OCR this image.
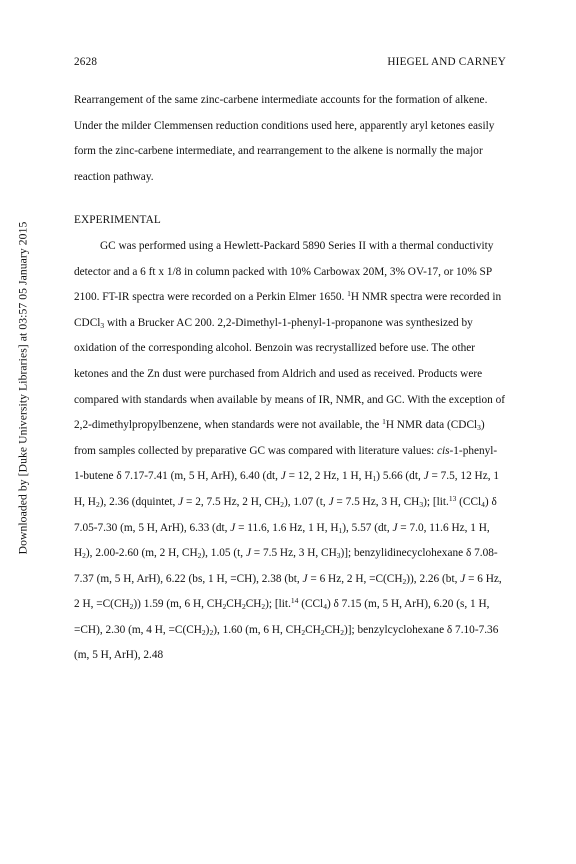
Downloaded by [Duke University Libraries] at 03:57 05 January 2015
2628	HIEGEL AND CARNEY

Rearrangement of the same zinc-carbene intermediate accounts for the formation of alkene. Under the milder Clemmensen reduction conditions used here, apparently aryl ketones easily form the zinc-carbene intermediate, and rearrangement to the alkene is normally the major reaction pathway.

EXPERIMENTAL

GC was performed using a Hewlett-Packard 5890 Series II with a thermal conductivity detector and a 6 ft x 1/8 in column packed with 10% Carbowax 20M, 3% OV-17, or 10% SP 2100. FT-IR spectra were recorded on a Perkin Elmer 1650. $^1$H NMR spectra were recorded in CDCl$_3$ with a Brucker AC 200. 2,2-Dimethyl-1-phenyl-1-propanone was synthesized by oxidation of the corresponding alcohol. Benzoin was recrystallized before use. The other ketones and the Zn dust were purchased from Aldrich and used as received. Products were compared with standards when available by means of IR, NMR, and GC. With the exception of 2,2-dimethylpropylbenzene, when standards were not available, the $^1$H NMR data (CDCl$_3$) from samples collected by preparative GC was compared with literature values: cis-1-phenyl-1-butene δ 7.17-7.41 (m, 5 H, ArH), 6.40 (dt, J = 12, 2 Hz, 1 H, $H_1$) 5.66 (dt, J = 7.5, 12 Hz, 1 H, $H_2$), 2.36 (dquintet, J = 2, 7.5 Hz, 2 H, $CH_2$), 1.07 (t, J = 7.5 Hz, 3 H, $CH_3$); [lit.$^{13}$ (CCl$_4$) δ 7.05-7.30 (m, 5 H, ArH), 6.33 (dt, J = 11.6, 1.6 Hz, 1 H, $H_1$), 5.57 (dt, J = 7.0, 11.6 Hz, 1 H, $H_2$), 2.00-2.60 (m, 2 H, $CH_2$), 1.05 (t, J = 7.5 Hz, 3 H, $CH_3$)]; benzylidinecyclohexane δ 7.08-7.37 (m, 5 H, ArH), 6.22 (bs, 1 H, =CH), 2.38 (bt, J = 6 Hz, 2 H, $=C(CH_2)$), 2.26 (bt, J = 6 Hz, 2 H, $=C(CH_2)$) 1.59 (m, 6 H, $CH_2CH_2CH_2$); [lit.$^{14}$ (CCl$_4$) δ 7.15 (m, 5 H, ArH), 6.20 (s, 1 H, =CH), 2.30 (m, 4 H, $=C(CH_2)_2$), 1.60 (m, 6 H, $CH_2CH_2CH_2$)]; benzylcyclohexane δ 7.10-7.36 (m, 5 H, ArH), 2.48
